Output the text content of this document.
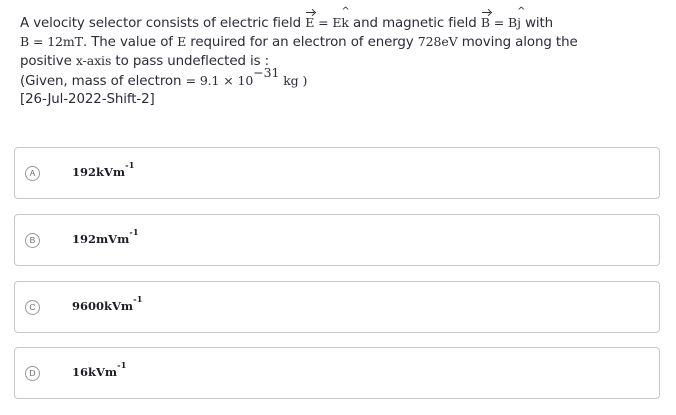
A velocity selector consists of electric field E = E^ k and magnetic field B = B^ j with
B = 12mT. The value of E required for an electron of energy 728eV moving along the
positive x-axis to pass undeflected is :
(Given, mass of electron = $9.1 \times 10^{-31}$ kg )
[26-Jul-2022-Shift-2]
A	192kVm$^{-1}$
B	192mVm$^{-1}$
C	9600kVm$^{-1}$
D	16kVm$^{-1}$
